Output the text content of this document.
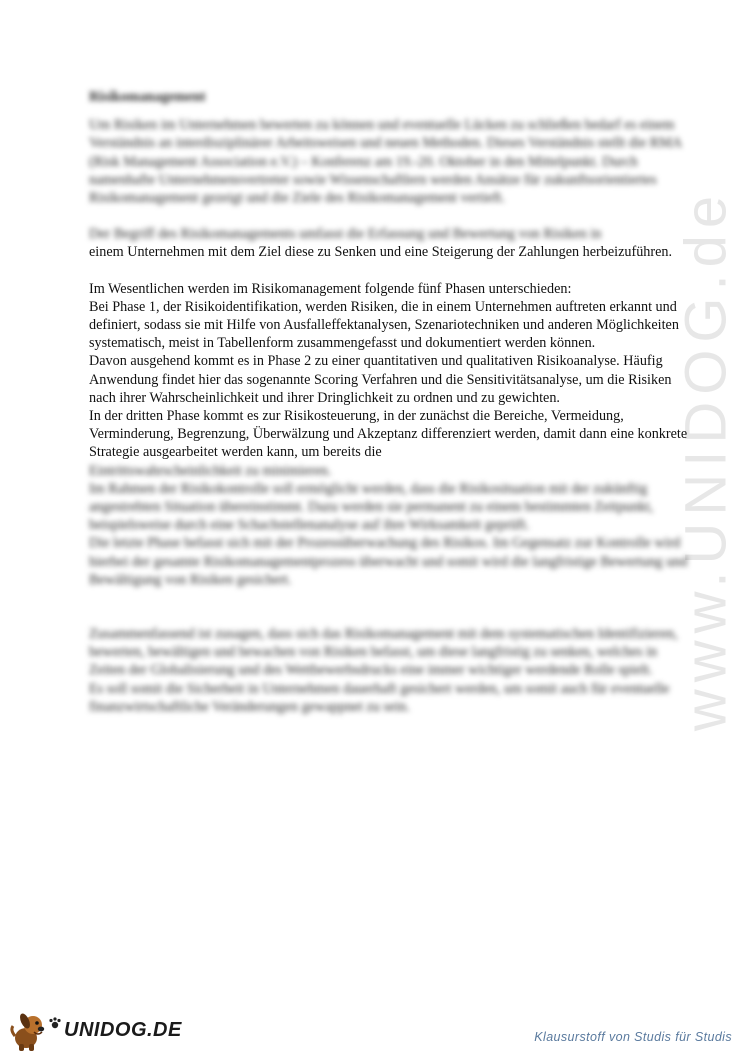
www.UNIDOG.de

Risikomanagement

Um Risiken im Unternehmen bewerten zu können und eventuelle Lücken zu schließen bedarf es einem Verständnis an interdisziplinärer Arbeitsweisen und neuen Methoden. Dieses Verständnis stellt die RMA (Risk Management Association e.V.) – Konferenz am 19.-20. Oktober in den Mittelpunkt. Durch namenhafte Unternehmensvertreter sowie Wissenschaftlern werden Ansätze für zukunftsorientiertes Risikomanagement gezeigt und die Ziele des Risikomanagement vertieft.

Der Begriff des Risikomanagements umfasst die Erfassung und Bewertung von Risiken in

einem Unternehmen mit dem Ziel diese zu Senken und eine Steigerung der Zahlungen herbeizuführen.

Im Wesentlichen werden im Risikomanagement folgende fünf Phasen unterschieden:

Bei Phase 1, der Risikoidentifikation, werden Risiken, die in einem Unternehmen auftreten erkannt und definiert, sodass sie mit Hilfe von Ausfalleffektanalysen, Szenariotechniken und anderen Möglichkeiten systematisch, meist in Tabellenform zusammengefasst und dokumentiert werden können.

Davon ausgehend kommt es in Phase 2 zu einer quantitativen und qualitativen Risikoanalyse. Häufig Anwendung findet hier das sogenannte Scoring Verfahren und die Sensitivitätsanalyse, um die Risiken nach ihrer Wahrscheinlichkeit und ihrer Dringlichkeit zu ordnen und zu gewichten.

In der dritten Phase kommt es zur Risikosteuerung, in der zunächst die Bereiche, Vermeidung, Verminderung, Begrenzung, Überwälzung und Akzeptanz differenziert werden, damit dann eine konkrete Strategie ausgearbeitet werden kann, um bereits die

Eintrittswahrscheinlichkeit zu minimieren.

Im Rahmen der Risikokontrolle soll ermöglicht werden, dass die Risikosituation mit der zukünftig angestrebten Situation übereinstimmt. Dazu werden sie permanent zu einem bestimmten Zeitpunkt, beispielsweise durch eine Schachstellenanalyse auf ihre Wirksamkeit geprüft.

Die letzte Phase befasst sich mit der Prozessüberwachung des Risikos. Im Gegensatz zur Kontrolle wird hierbei der gesamte Risikomanagementprozess überwacht und somit wird die langfristige Bewertung und Bewältigung von Risiken gesichert.

Zusammenfassend ist zusagen, dass sich das Risikomanagement mit dem systematischen Identifizieren, bewerten, bewältigen und bewachen von Risiken befasst, um diese langfristig zu senken, welches in Zeiten der Globalisierung und des Wettbewerbsdrucks eine immer wichtiger werdende Rolle spielt.

Es soll somit die Sicherheit in Unternehmen dauerhaft gesichert werden, um somit auch für eventuelle finanzwirtschaftliche Veränderungen gewappnet zu sein.

UNIDOG.DE	Klausurstoff von Studis für Studis
